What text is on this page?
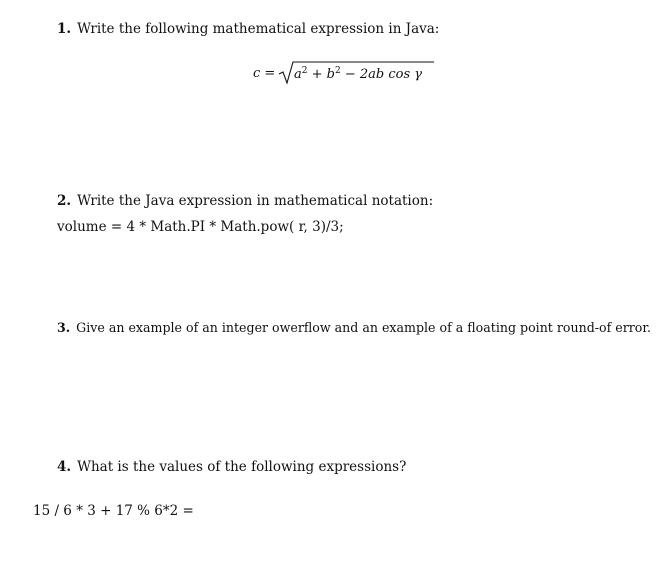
1. Write the following mathematical expression in Java:
$c = a^2 + b^2 - 2ab$ cos γ
2. Write the Java expression in mathematical notation:
volume = 4 * Math.PI * Math.pow( r, 3)/3;
3. Give an example of an integer owerflow and an example of a floating point round-of error.
4. What is the values of the following expressions?
15 / 6 * 3 + 17 % 6*2 =
